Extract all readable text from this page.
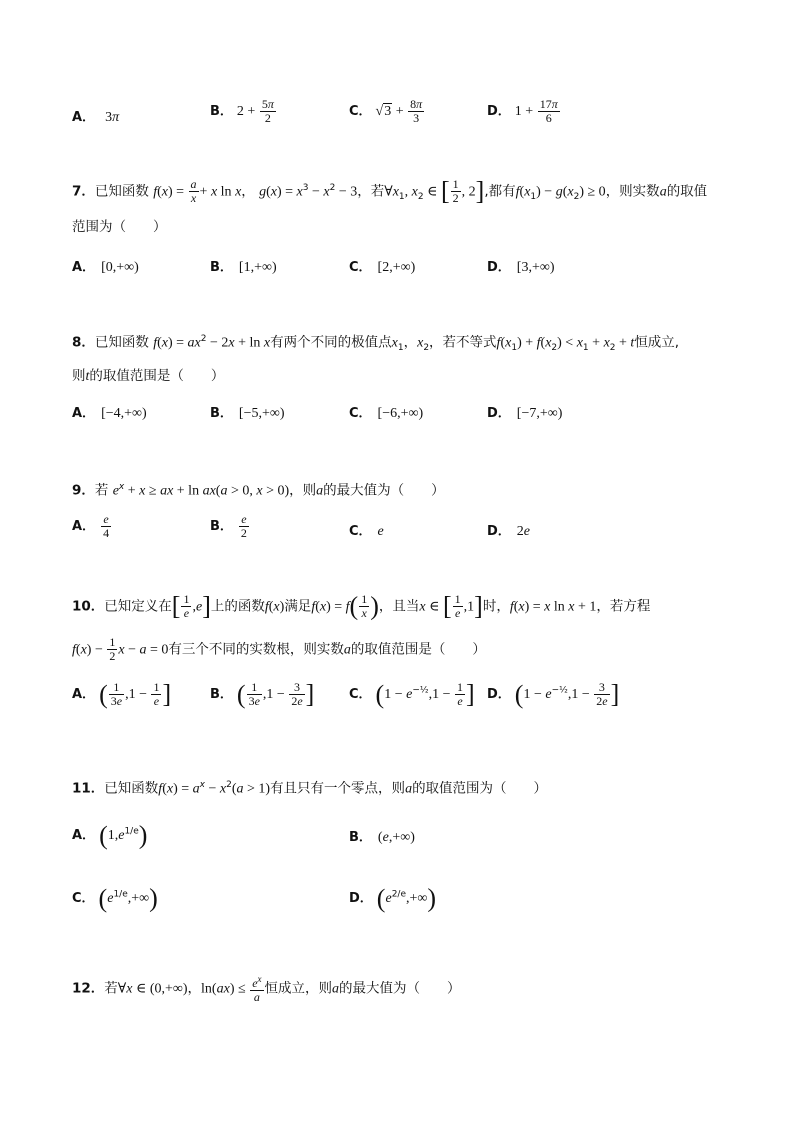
A． 3π	B． $2 + \frac{5\pi}{2}$	C． $√3 + \frac{8\pi}{3}$	D． $1 + \frac{17\pi}{6}$
7．已知函数 $f(x) = \frac{a}{x} + x$ ln x， $g(x) = x^3 - x^2 - 3$，若$\forall x_1$, $x_2$ ∈ [ $\frac{1}{2}$ , 2],都有$f(x_1) - g(x_2) \ge 0$，则实数a的取值
范围为（　　）
A． [0,+∞)	B． [1,+∞)	C． [2,+∞)	D． [3,+∞)
8．已知函数 $f(x) = ax^2 - 2x + \ln x$有两个不同的极值点$x_1$，$x_2$，若不等式$f(x_1) + f(x_2) < x_1 + x_2 + t$恒成立,
则t的取值范围是（　　）
A． [−4,+∞)	B． [−5,+∞)	C． [−6,+∞)	D． [−7,+∞)
9．若 $e^x + x$ ≥ ax + ln ax(a > 0, x > 0)，则a的最大值为（　　）
A． $\frac{e}{4}$	B． $\frac{e}{2}$	C． e	D． 2e
10．已知定义在[ $\frac{1}{e} ,e$]上的函数f(x)满足$f(x) = f( \frac{1}{x}$ )，且当x ∈ [ $\frac{1}{e} ,1$]时，f(x) = x ln x + 1，若方程
$f(x) - \frac{1}{2}$ x − a = 0有三个不同的实数根，则实数a的取值范围是（　　）
A． ( $\frac{1}{3e} ,1 - \frac{1}{e}$ ]	B． ( $\frac{1}{3e} ,1 - \frac{3}{2e}$ ]	C． ($1 - e^{-\frac{1}{2}},1 - \frac{1}{e}$ ] D． ($1 - e^{-\frac{1}{2}},1 - \frac{3}{2e}$ ]
11．已知函数$f(x) = a^x - x^2(a > 1)$有且只有一个零点，则a的取值范围为（　　）
A． $(1,e^{1/e})$	B． (e,+∞)
C． $(e^{1/e},+\infty)$	D． $(e^{2/e},+\infty)$
12．若∀x ∈ (0,+∞)，$\ln(ax) \le \frac{e^x}{a}$ 恒成立，则a的最大值为（　　）
